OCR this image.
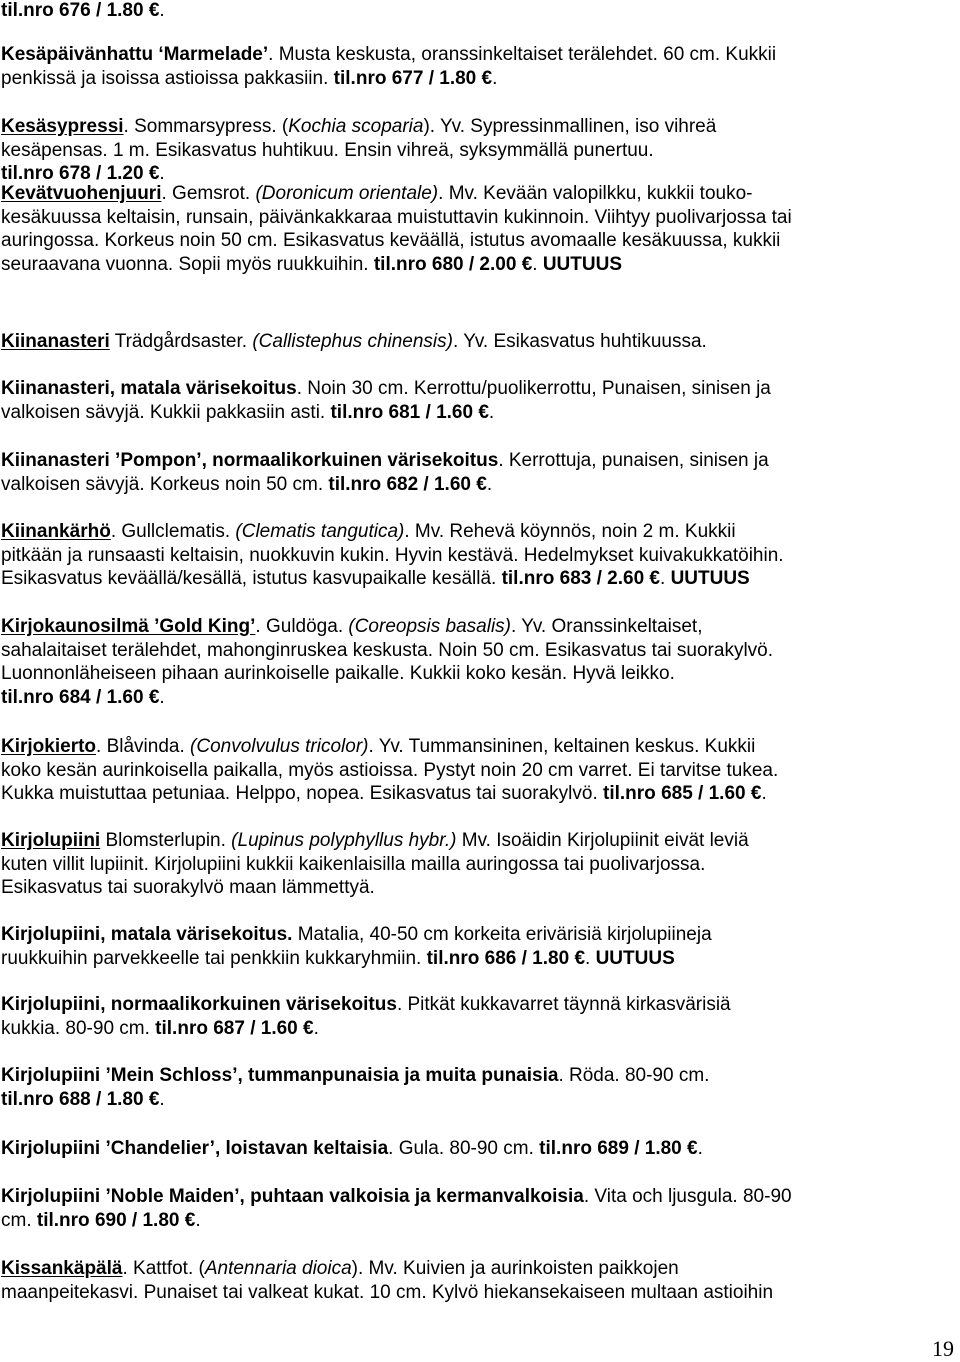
til.nro 676 / 1.80 €.

Kesäpäivänhattu ‘Marmelade’. Musta keskusta, oranssinkeltaiset terälehdet. 60 cm. Kukkii
penkissä ja isoissa astioissa pakkasiin. til.nro 677 / 1.80 €.

Kesäsypressi. Sommarsypress. (Kochia scoparia). Yv. Sypressinmallinen, iso vihreä
kesäpensas. 1 m. Esikasvatus huhtikuu. Ensin vihreä, syksymmällä punertuu.
til.nro 678 / 1.20 €.

Kevätvuohenjuuri. Gemsrot. (Doronicum orientale). Mv. Kevään valopilkku, kukkii touko-
kesäkuussa keltaisin, runsain, päivänkakkaraa muistuttavin kukinnoin. Viihtyy puolivarjossa tai
auringossa. Korkeus noin 50 cm. Esikasvatus keväällä, istutus avomaalle kesäkuussa, kukkii
seuraavana vuonna. Sopii myös ruukkuihin. til.nro 680 / 2.00 €. UUTUUS

Kiinanasteri Trädgårdsaster. (Callistephus chinensis). Yv. Esikasvatus huhtikuussa.

Kiinanasteri, matala värisekoitus. Noin 30 cm. Kerrottu/puolikerrottu, Punaisen, sinisen ja
valkoisen sävyjä. Kukkii pakkasiin asti. til.nro 681 / 1.60 €.

Kiinanasteri ’Pompon’, normaalikorkuinen värisekoitus. Kerrottuja, punaisen, sinisen ja
valkoisen sävyjä. Korkeus noin 50 cm. til.nro 682 / 1.60 €.

Kiinankärhö. Gullclematis. (Clematis tangutica). Mv. Rehevä köynnös, noin 2 m. Kukkii
pitkään ja runsaasti keltaisin, nuokkuvin kukin. Hyvin kestävä. Hedelmykset kuivakukkatöihin.
Esikasvatus keväällä/kesällä, istutus kasvupaikalle kesällä. til.nro 683 / 2.60 €. UUTUUS

Kirjokaunosilmä ’Gold King’. Guldöga. (Coreopsis basalis). Yv. Oranssinkeltaiset,
sahalaitaiset terälehdet, mahonginruskea keskusta. Noin 50 cm. Esikasvatus tai suorakylvö.
Luonnonläheiseen pihaan aurinkoiselle paikalle. Kukkii koko kesän. Hyvä leikko.
til.nro 684 / 1.60 €.

Kirjokierto. Blåvinda. (Convolvulus tricolor). Yv. Tummansininen, keltainen keskus. Kukkii
koko kesän aurinkoisella paikalla, myös astioissa. Pystyt noin 20 cm varret. Ei tarvitse tukea.
Kukka muistuttaa petuniaa. Helppo, nopea. Esikasvatus tai suorakylvö. til.nro 685 / 1.60 €.

Kirjolupiini Blomsterlupin. (Lupinus polyphyllus hybr.) Mv. Isoäidin Kirjolupiinit eivät leviä
kuten villit lupiinit. Kirjolupiini kukkii kaikenlaisilla mailla auringossa tai puolivarjossa.
Esikasvatus tai suorakylvö maan lämmettyä.

Kirjolupiini, matala värisekoitus. Matalia, 40-50 cm korkeita erivärisiä kirjolupiineja
ruukkuihin parvekkeelle tai penkkiin kukkaryhmiin. til.nro 686 / 1.80 €. UUTUUS

Kirjolupiini, normaalikorkuinen värisekoitus. Pitkät kukkavarret täynnä kirkasvärisiä
kukkia. 80-90 cm. til.nro 687 / 1.60 €.

Kirjolupiini ’Mein Schloss’, tummanpunaisia ja muita punaisia. Röda. 80-90 cm.
til.nro 688 / 1.80 €.

Kirjolupiini ’Chandelier’, loistavan keltaisia. Gula. 80-90 cm. til.nro 689 / 1.80 €.

Kirjolupiini ’Noble Maiden’, puhtaan valkoisia ja kermanvalkoisia. Vita och ljusgula. 80-90
cm. til.nro 690 / 1.80 €.

Kissankäpälä. Kattfot. (Antennaria dioica). Mv. Kuivien ja aurinkoisten paikkojen
maanpeitekasvi. Punaiset tai valkeat kukat. 10 cm. Kylvö hiekansekaiseen multaan astioihin

19
